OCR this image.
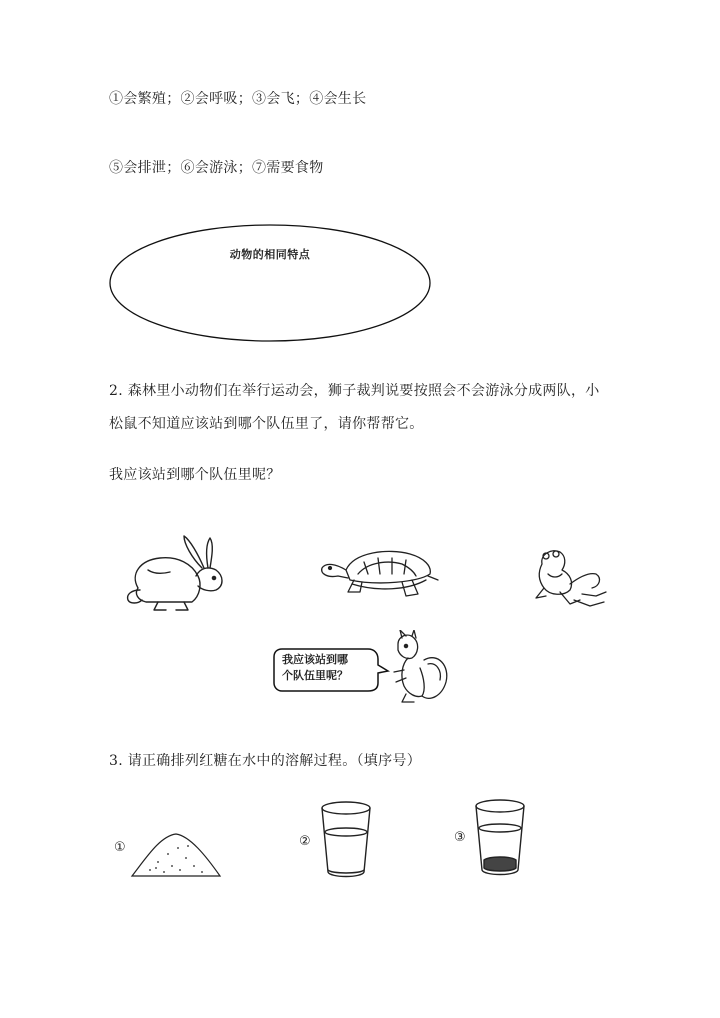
①会繁殖；②会呼吸；③会飞；④会生长
⑤会排泄；⑥会游泳；⑦需要食物
动物的相同特点
2. 森林里小动物们在举行运动会，狮子裁判说要按照会不会游泳分成两队，小
松鼠不知道应该站到哪个队伍里了，请你帮帮它。
我应该站到哪个队伍里呢？
我应该站到哪
个队伍里呢？
3. 请正确排列红糖在水中的溶解过程。（填序号）
①	②	③
